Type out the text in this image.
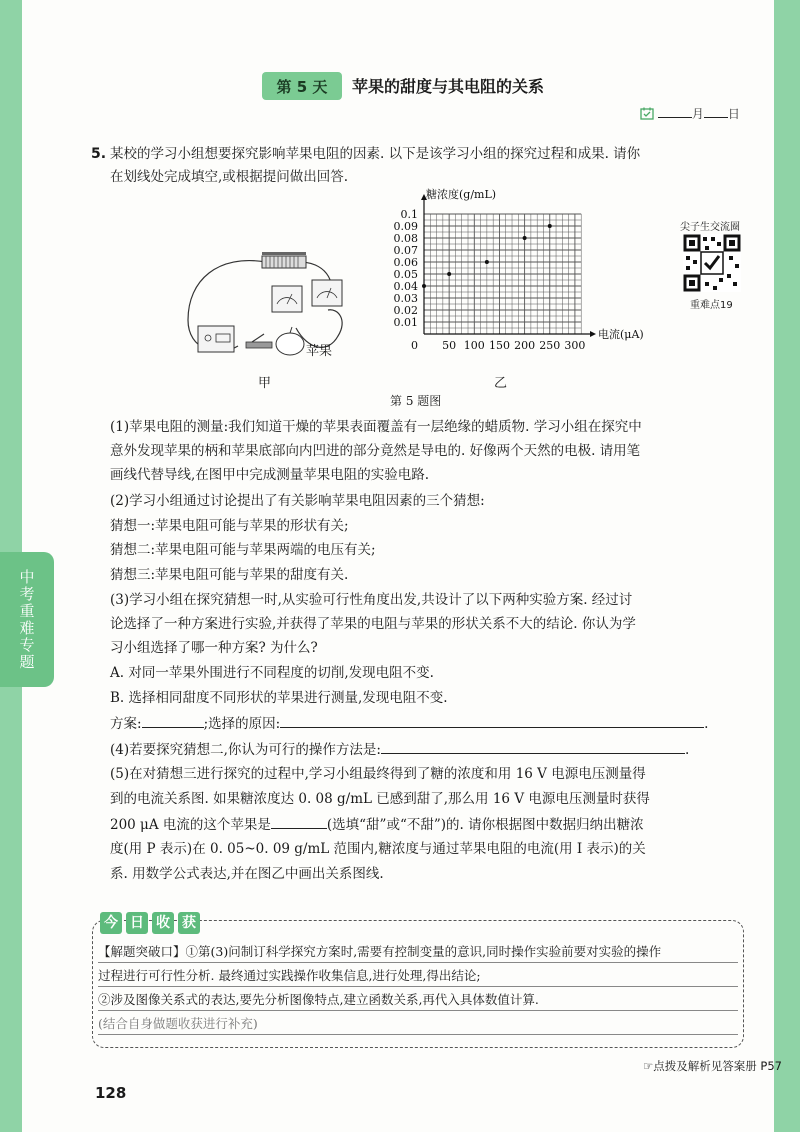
中
考
重
难
专
题
第 5 天	苹果的甜度与其电阻的关系
月 日
5. 某校的学习小组想要探究影响苹果电阻的因素. 以下是该学习小组的探究过程和成果. 请你
在划线处完成填空,或根据提问做出回答.
苹果
甲
50 100 150 200 250 300
0.01
0.02
0.03
0.04
0.05
0.06
0.07
0.08
0.09
0.1
0
糖浓度(g/mL)
电流(μA)
乙
尖子生交流圈
重难点19
第 5 题图
(1)苹果电阻的测量:我们知道干燥的苹果表面覆盖有一层绝缘的蜡质物. 学习小组在探究中
意外发现苹果的柄和苹果底部向内凹进的部分竟然是导电的. 好像两个天然的电极. 请用笔
画线代替导线,在图甲中完成测量苹果电阻的实验电路.
(2)学习小组通过讨论提出了有关影响苹果电阻因素的三个猜想:
猜想一:苹果电阻可能与苹果的形状有关;
猜想二:苹果电阻可能与苹果两端的电压有关;
猜想三:苹果电阻可能与苹果的甜度有关.
(3)学习小组在探究猜想一时,从实验可行性角度出发,共设计了以下两种实验方案. 经过讨
论选择了一种方案进行实验,并获得了苹果的电阻与苹果的形状关系不大的结论. 你认为学
习小组选择了哪一种方案? 为什么?
A. 对同一苹果外围进行不同程度的切削,发现电阻不变.
B. 选择相同甜度不同形状的苹果进行测量,发现电阻不变.
方案:	;选择的原因:	.
(4)若要探究猜想二,你认为可行的操作方法是:	.
(5)在对猜想三进行探究的过程中,学习小组最终得到了糖的浓度和用 16 V 电源电压测量得
到的电流关系图. 如果糖浓度达 0. 08 g/mL 已感到甜了,那么用 16 V 电源电压测量时获得
200 μA 电流的这个苹果是	(选填“甜”或“不甜”)的. 请你根据图中数据归纳出糖浓
度(用 P 表示)在 0. 05~0. 09 g/mL 范围内,糖浓度与通过苹果电阻的电流(用 I 表示)的关
系. 用数学公式表达,并在图乙中画出关系图线.
今 日 收 获
【解题突破口】①第(3)问制订科学探究方案时,需要有控制变量的意识,同时操作实验前要对实验的操作
过程进行可行性分析. 最终通过实践操作收集信息,进行处理,得出结论;
②涉及图像关系式的表达,要先分析图像特点,建立函数关系,再代入具体数值计算.
(结合自身做题收获进行补充)
☞点拨及解析见答案册 P57
128
